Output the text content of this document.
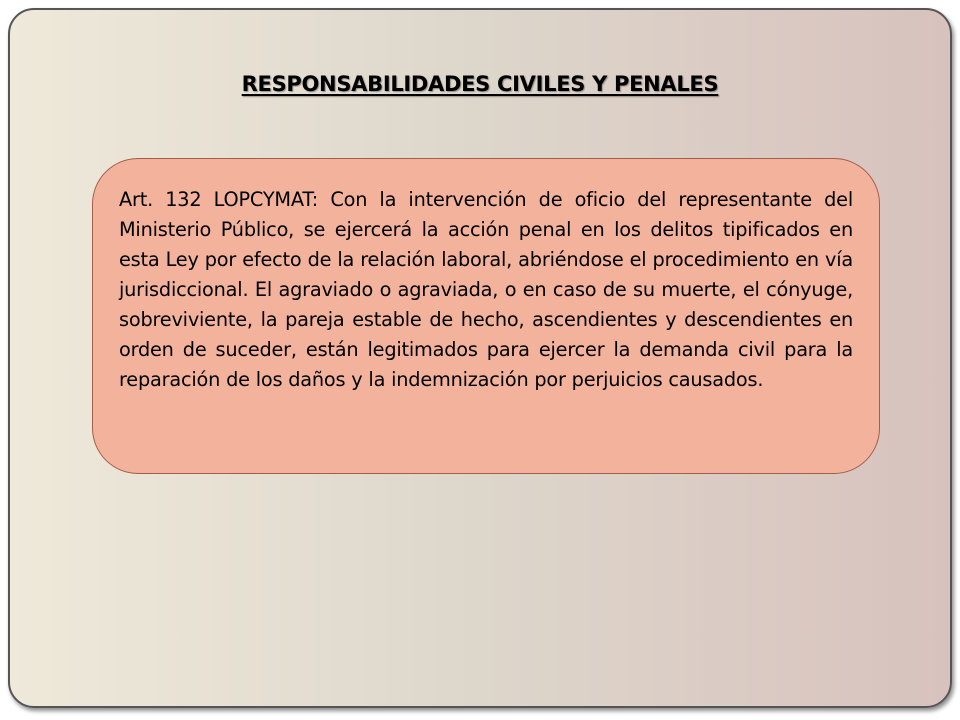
RESPONSABILIDADES CIVILES Y PENALES

Art. 132 LOPCYMAT: Con la intervención de oficio del representante del Ministerio Público, se ejercerá la acción penal en los delitos tipificados en esta Ley por efecto de la relación laboral, abriéndose el procedimiento en vía jurisdiccional. El agraviado o agraviada, o en caso de su muerte, el cónyuge, sobreviviente, la pareja estable de hecho, ascendientes y descendientes en orden de suceder, están legitimados para ejercer la demanda civil para la reparación de los daños y la indemnización por perjuicios causados.
